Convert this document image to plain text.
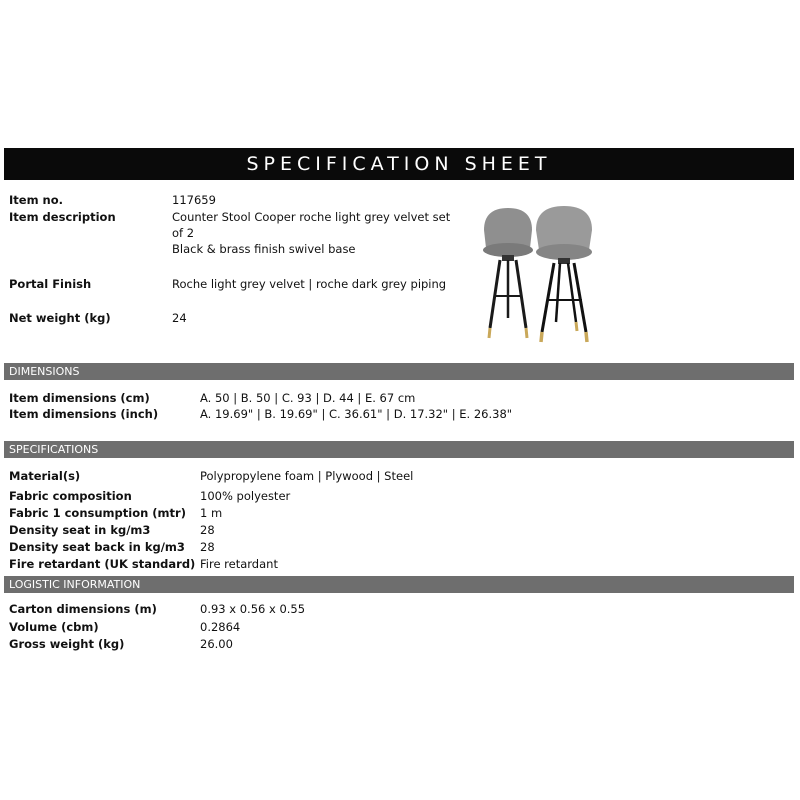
SPECIFICATION SHEET
Item no.	117659
Item description	Counter Stool Cooper roche light grey velvet set
of 2
Black & brass finish swivel base
Portal Finish	Roche light grey velvet | roche dark grey piping
Net weight (kg)	24
DIMENSIONS
Item dimensions (cm)	A. 50 | B. 50 | C. 93 | D. 44 | E. 67 cm
Item dimensions (inch)	A. 19.69" | B. 19.69" | C. 36.61" | D. 17.32" | E. 26.38"
SPECIFICATIONS
Material(s)	Polypropylene foam | Plywood | Steel
Fabric composition	100% polyester
Fabric 1 consumption (mtr) 1 m
Density seat in kg/m3	28
Density seat back in kg/m3 28
Fire retardant (UK standard) Fire retardant
LOGISTIC INFORMATION
Carton dimensions (m)	0.93 x 0.56 x 0.55
Volume (cbm)	0.2864
Gross weight (kg)	26.00
